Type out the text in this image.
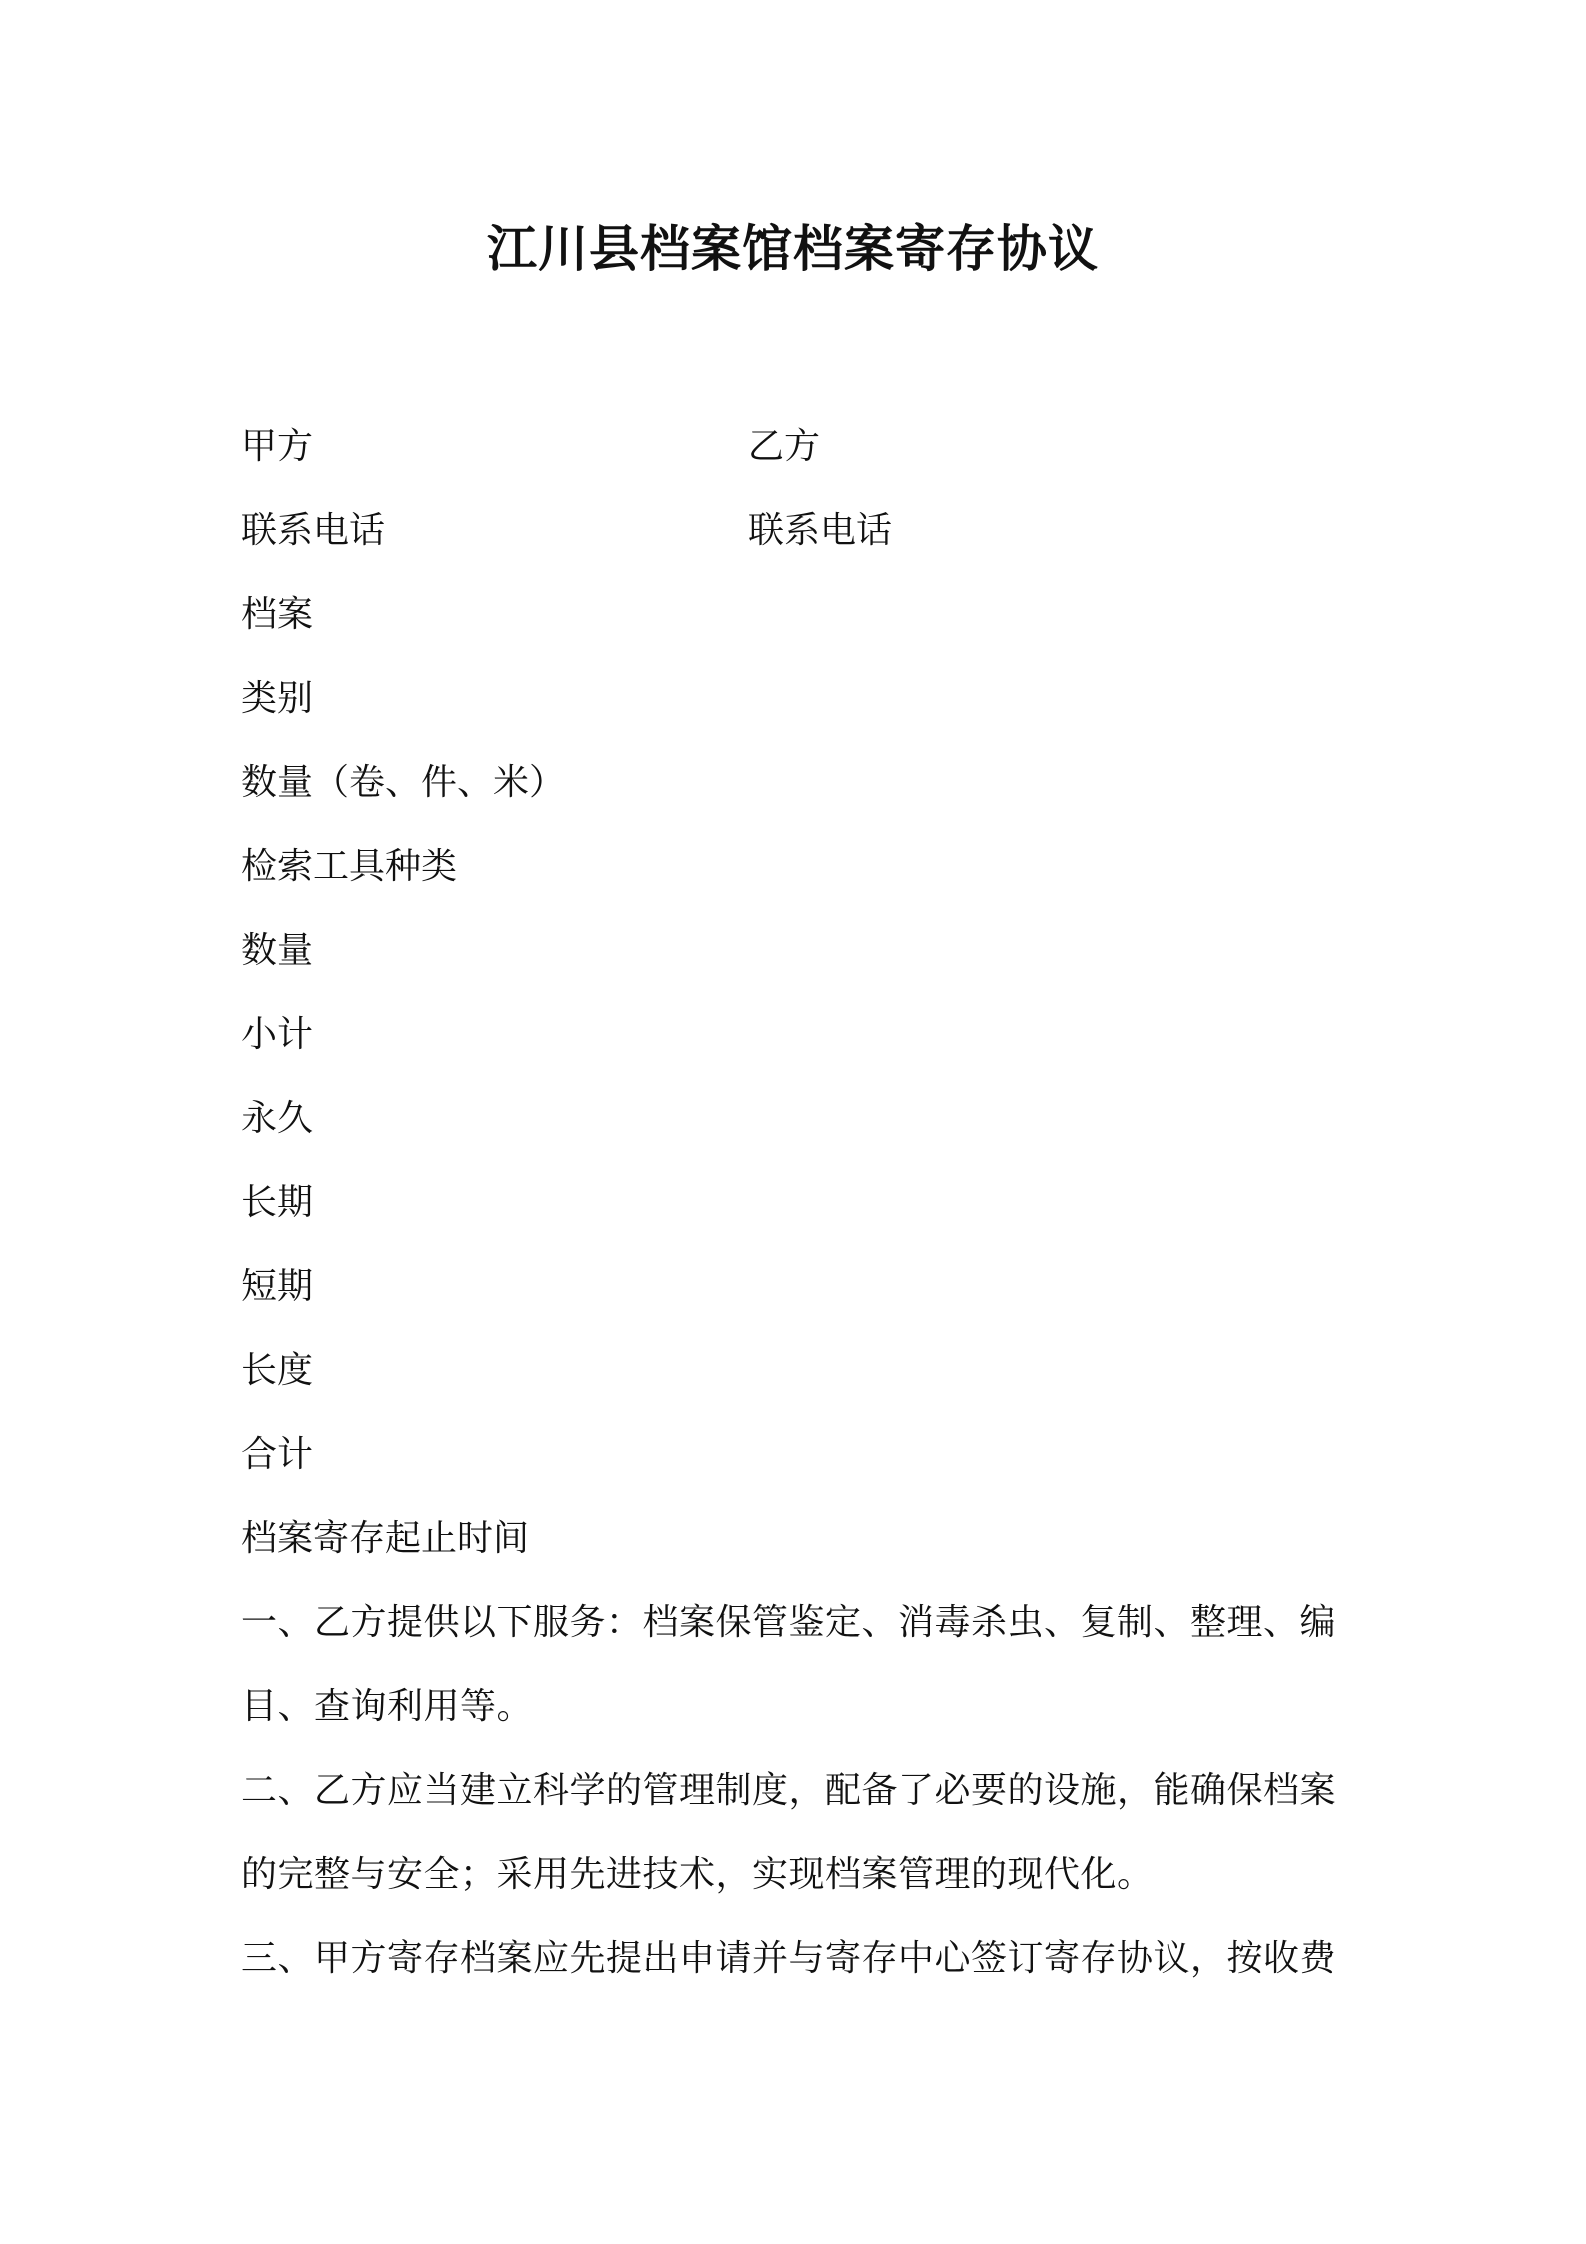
江川县档案馆档案寄存协议
甲方	乙方
联系电话	联系电话
档案
类别
数量（卷、件、米）
检索工具种类
数量
小计
永久
长期
短期
长度
合计
档案寄存起止时间
一、乙方提供以下服务：档案保管鉴定、消毒杀虫、复制、整理、编目、查询利用等。
二、乙方应当建立科学的管理制度，配备了必要的设施，能确保档案的完整与安全；采用先进技术，实现档案管理的现代化。
三、甲方寄存档案应先提出申请并与寄存中心签订寄存协议，按收费
